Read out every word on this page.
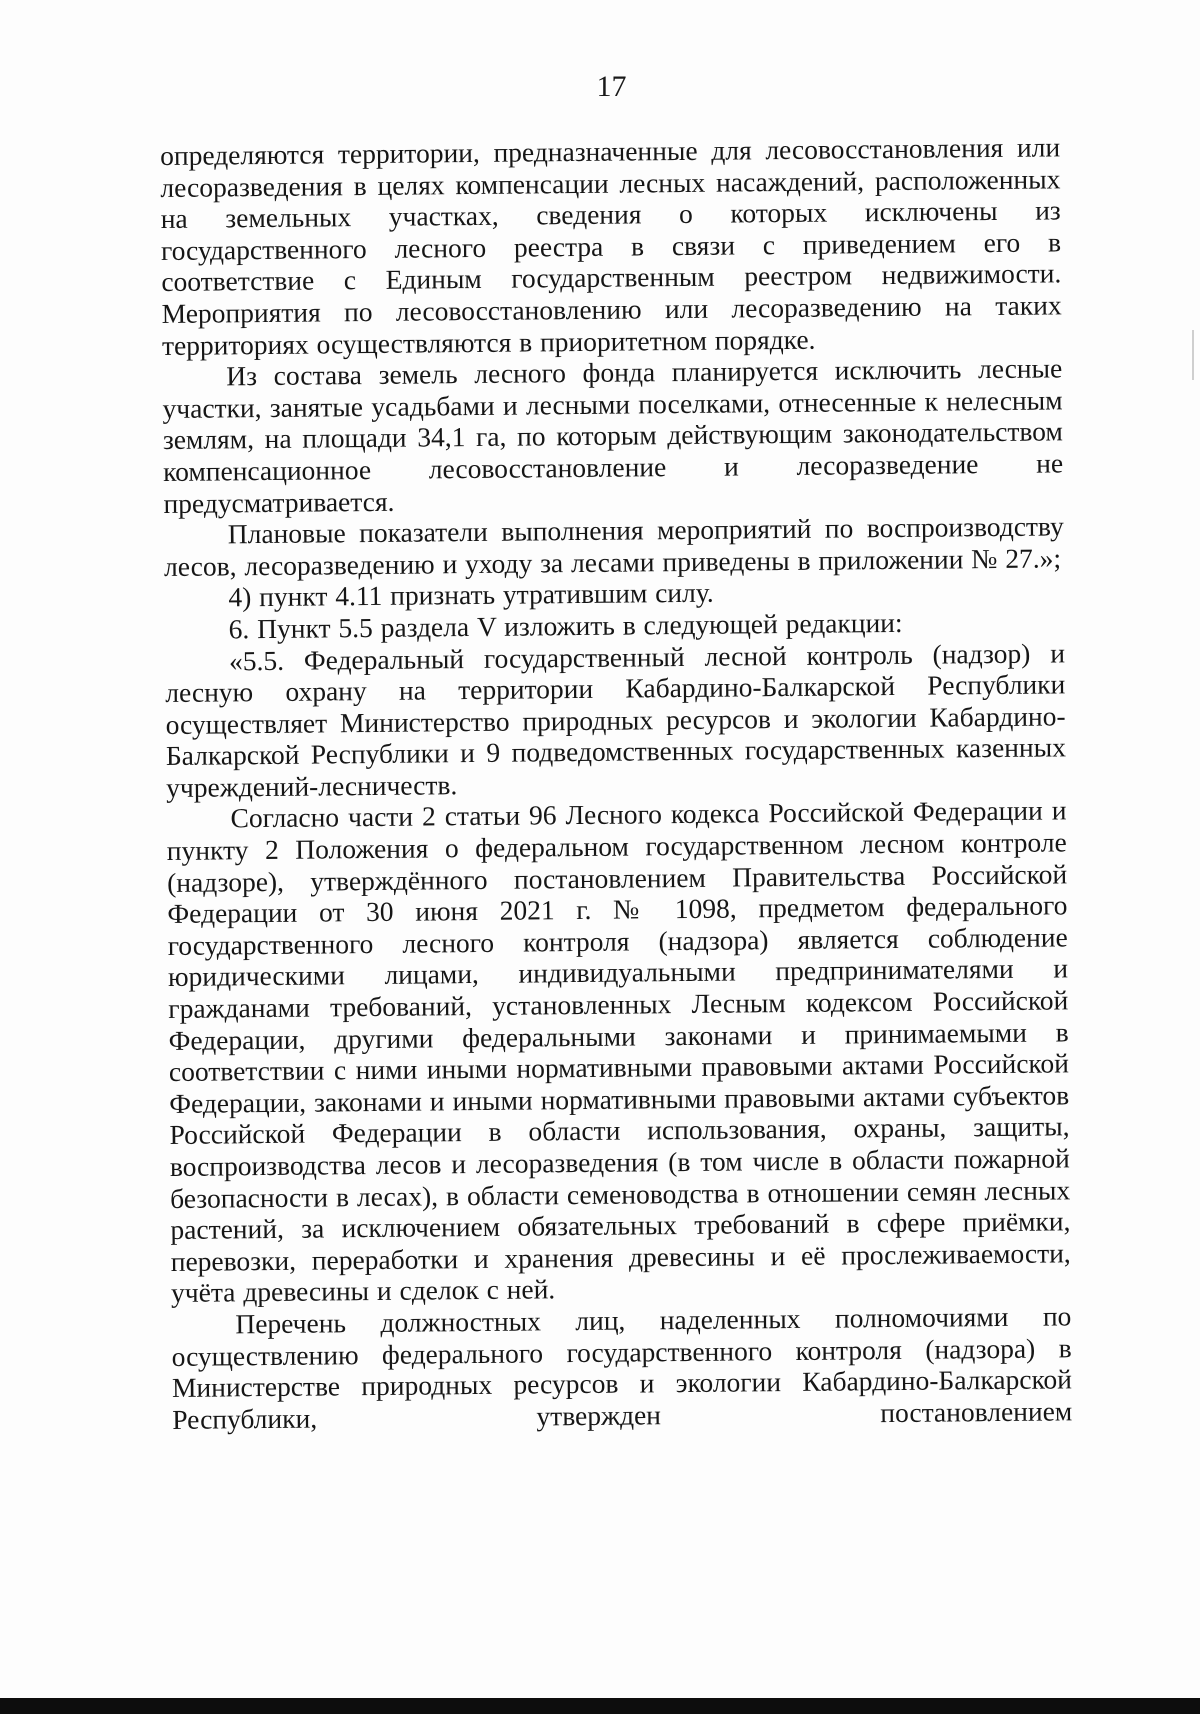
17

определяются территории, предназначенные для лесовосстановления или лесоразведения в целях компенсации лесных насаждений, расположенных на земельных участках, сведения о которых исключены из государственного лесного реестра в связи с приведением его в соответствие с Единым государственным реестром недвижимости. Мероприятия по лесовосстановлению или лесоразведению на таких территориях осуществляются в приоритетном порядке.

Из состава земель лесного фонда планируется исключить лесные участки, занятые усадьбами и лесными поселками, отнесенные к нелесным землям, на площади 34,1 га, по которым действующим законодательством компенсационное лесовосстановление и лесоразведение не предусматривается.

Плановые показатели выполнения мероприятий по воспроизводству лесов, лесоразведению и уходу за лесами приведены в приложении № 27.»;

4) пункт 4.11 признать утратившим силу.

6. Пункт 5.5 раздела V изложить в следующей редакции:

«5.5. Федеральный государственный лесной контроль (надзор) и лесную охрану на территории Кабардино-Балкарской Республики осуществляет Министерство природных ресурсов и экологии Кабардино-Балкарской Республики и 9 подведомственных государственных казенных учреждений-лесничеств.

Согласно части 2 статьи 96 Лесного кодекса Российской Федерации и пункту 2 Положения о федеральном государственном лесном контроле (надзоре), утверждённого постановлением Правительства Российской Федерации от 30 июня 2021 г. № 1098, предметом федерального государственного лесного контроля (надзора) является соблюдение юридическими лицами, индивидуальными предпринимателями и гражданами требований, установленных Лесным кодексом Российской Федерации, другими федеральными законами и принимаемыми в соответствии с ними иными нормативными правовыми актами Российской Федерации, законами и иными нормативными правовыми актами субъектов Российской Федерации в области использования, охраны, защиты, воспроизводства лесов и лесоразведения (в том числе в области пожарной безопасности в лесах), в области семеноводства в отношении семян лесных растений, за исключением обязательных требований в сфере приёмки, перевозки, переработки и хранения древесины и её прослеживаемости, учёта древесины и сделок с ней.

Перечень должностных лиц, наделенных полномочиями по осуществлению федерального государственного контроля (надзора) в Министерстве природных ресурсов и экологии Кабардино-Балкарской Республики, утвержден постановлением
